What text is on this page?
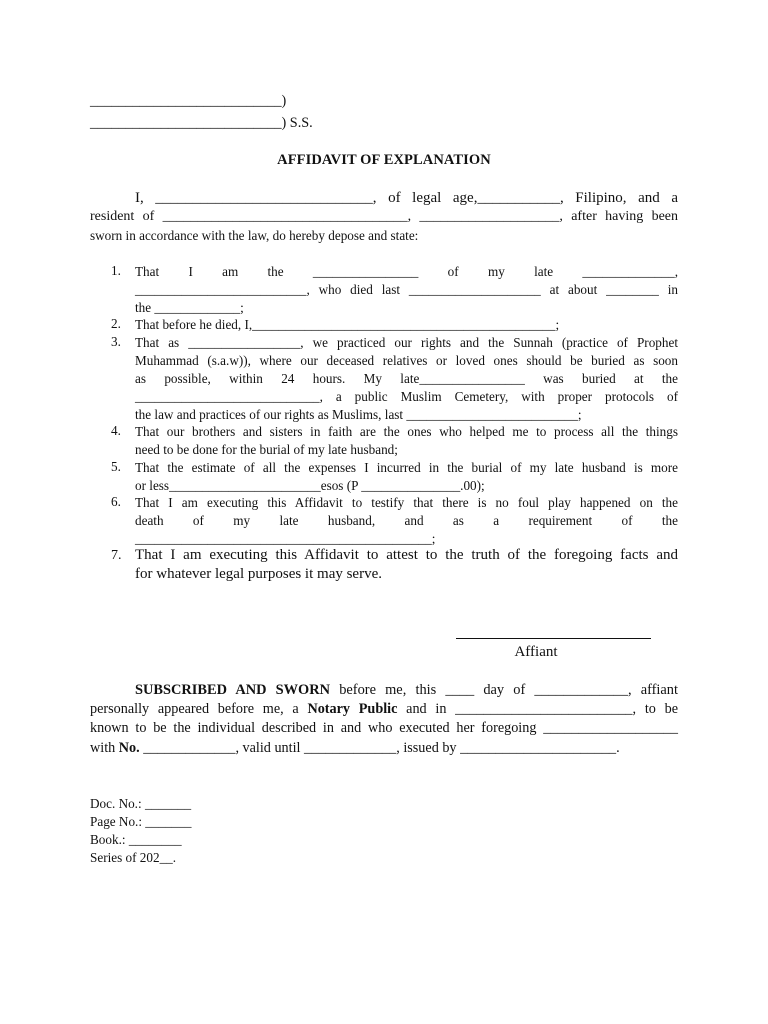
___________________________)
___________________________) S.S.
AFFIDAVIT OF EXPLANATION
I, _____________________________, of legal age,___________, Filipino, and a
resident of ___________________________________, ____________________, after having been
sworn in accordance with the law, do hereby depose and state:
1. That I am the ________________ of my late ______________,
__________________________, who died last ____________________ at about ________ in
the _____________;
2. That before he died, I,______________________________________________;
3. That as _________________, we practiced our rights and the Sunnah (practice of Prophet
Muhammad (s.a.w)), where our deceased relatives or loved ones should be buried as soon
as possible, within 24 hours. My late________________ was buried at the
____________________________, a public Muslim Cemetery, with proper protocols of
the law and practices of our rights as Muslims, last __________________________;
4. That our brothers and sisters in faith are the ones who helped me to process all the things
need to be done for the burial of my late husband;
5. That the estimate of all the expenses I incurred in the burial of my late husband is more
or less_______________________esos (P _______________.00);
6. That I am executing this Affidavit to testify that there is no foul play happened on the
death of my late husband, and as a requirement of the
_____________________________________________;
7. That I am executing this Affidavit to attest to the truth of the foregoing facts and
for whatever legal purposes it may serve.
Affiant
SUBSCRIBED AND SWORN before me, this ____ day of _____________, affiant
personally appeared before me, a Notary Public and in _________________________, to be
known to be the individual described in and who executed her foregoing ___________________
with No. _____________, valid until _____________, issued by ______________________.
Doc. No.: _______
Page No.: _______
Book.: ________
Series of 202__.
